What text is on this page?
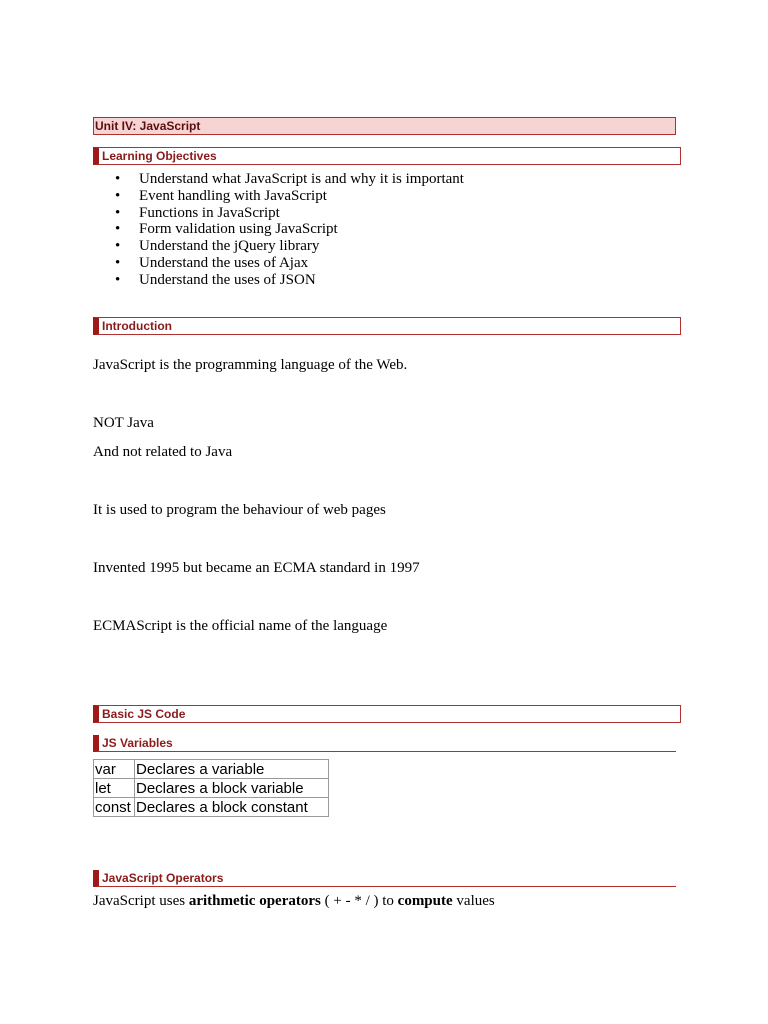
Unit IV: JavaScript
Learning Objectives
• Understand what JavaScript is and why it is important
• Event handling with JavaScript
• Functions in JavaScript
• Form validation using JavaScript
• Understand the jQuery library
• Understand the uses of Ajax
• Understand the uses of JSON
Introduction
JavaScript is the programming language of the Web.
NOT Java
And not related to Java
It is used to program the behaviour of web pages
Invented 1995 but became an ECMA standard in 1997
ECMAScript is the official name of the language
Basic JS Code
JS Variables
var	Declares a variable
let	Declares a block variable
const	Declares a block constant
JavaScript Operators
JavaScript uses arithmetic operators ( + - * / ) to compute values
